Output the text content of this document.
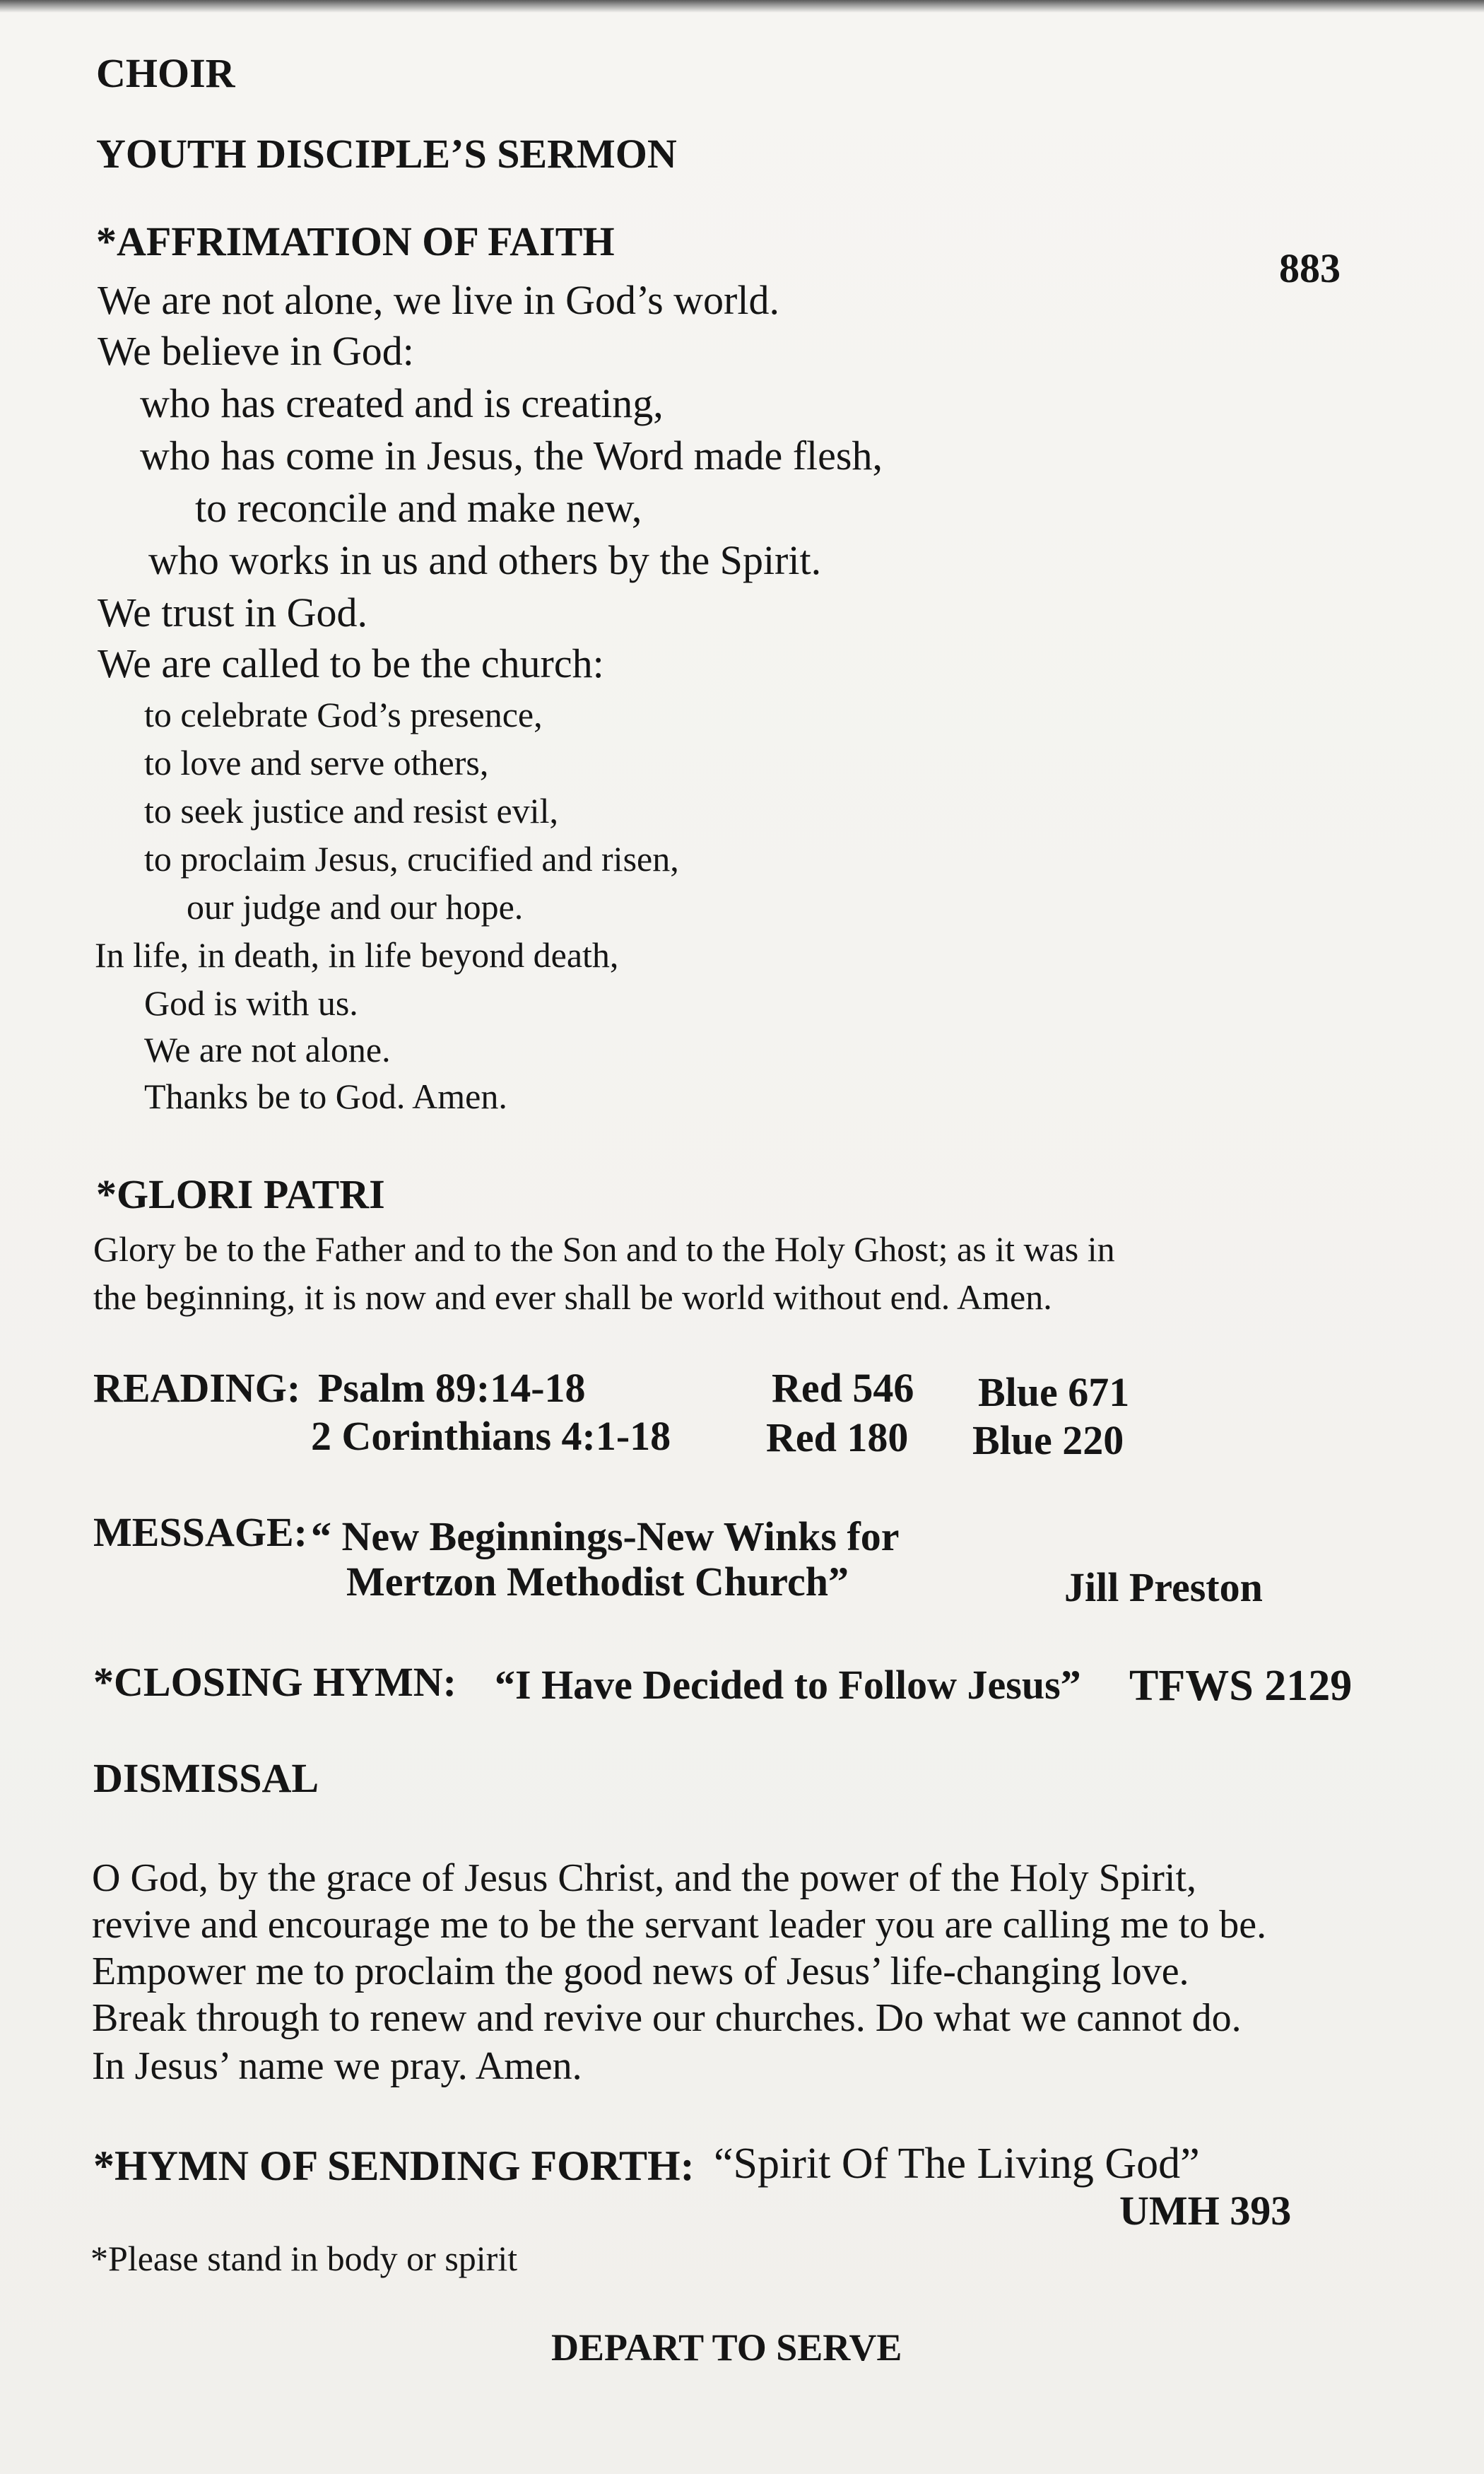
CHOIR
YOUTH DISCIPLE’S SERMON
*AFFRIMATION OF FAITH
883
We are not alone, we live in God’s world.
We believe in God:
who has created and is creating,
who has come in Jesus, the Word made flesh,
to reconcile and make new,
who works in us and others by the Spirit.
We trust in God.
We are called to be the church:
to celebrate God’s presence,
to love and serve others,
to seek justice and resist evil,
to proclaim Jesus, crucified and risen,
our judge and our hope.
In life, in death, in life beyond death,
God is with us.
We are not alone.
Thanks be to God. Amen.
*GLORI PATRI
Glory be to the Father and to the Son and to the Holy Ghost; as it was in
the beginning, it is now and ever shall be world without end. Amen.
READING: Psalm 89:14-18	Red 546 Blue 671
2 Corinthians 4:1-18 Red 180 Blue 220
MESSAGE: “ New Beginnings-New Winks for
Mertzon Methodist Church”	Jill Preston
*CLOSING HYMN: “I Have Decided to Follow Jesus” TFWS 2129
DISMISSAL
O God, by the grace of Jesus Christ, and the power of the Holy Spirit,
revive and encourage me to be the servant leader you are calling me to be.
Empower me to proclaim the good news of Jesus’ life-changing love.
Break through to renew and revive our churches. Do what we cannot do.
In Jesus’ name we pray. Amen.
*HYMN OF SENDING FORTH: “Spirit Of The Living God”
UMH 393
*Please stand in body or spirit
DEPART TO SERVE
